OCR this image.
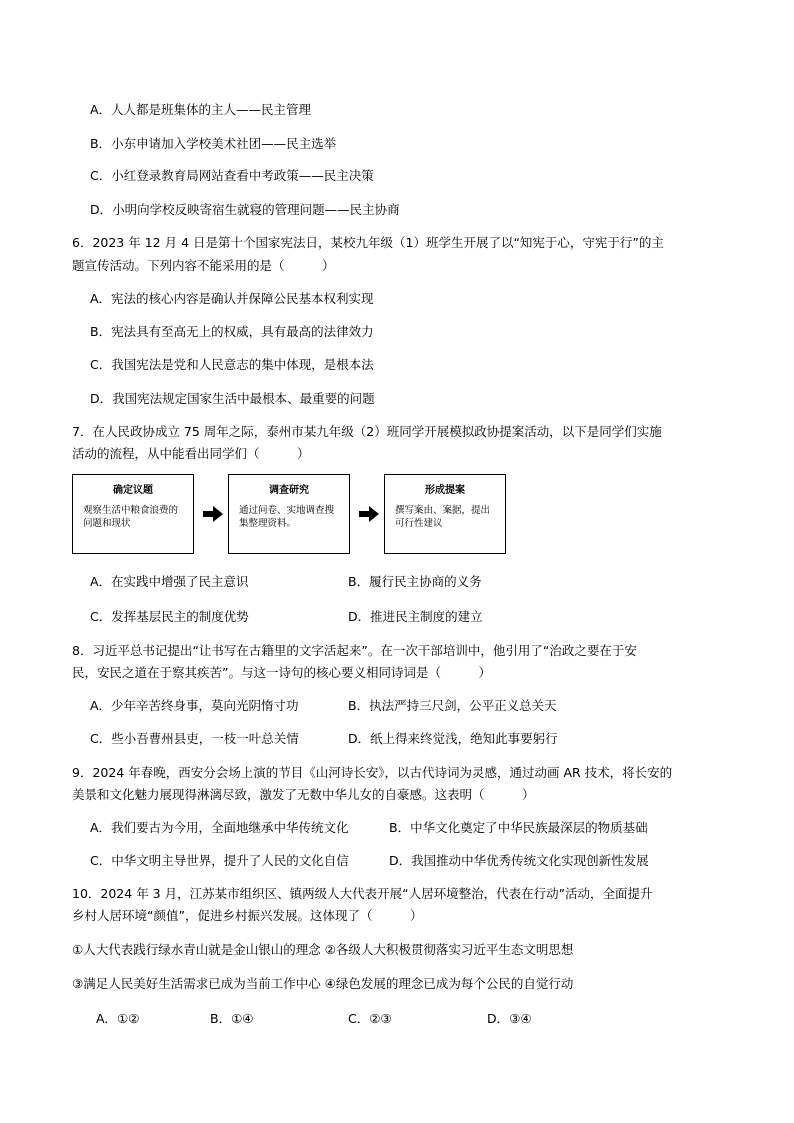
A．人人都是班集体的主人——民主管理
B．小东申请加入学校美术社团——民主选举
C．小红登录教育局网站查看中考政策——民主决策
D．小明向学校反映寄宿生就寝的管理问题——民主协商
6．2023 年 12 月 4 日是第十个国家宪法日，某校九年级（1）班学生开展了以“知宪于心，守宪于行”的主
题宣传活动。下列内容不能采用的是（　　　）
A．宪法的核心内容是确认并保障公民基本权利实现
B．宪法具有至高无上的权威，具有最高的法律效力
C．我国宪法是党和人民意志的集中体现，是根本法
D．我国宪法规定国家生活中最根本、最重要的问题
7．在人民政协成立 75 周年之际，泰州市某九年级（2）班同学开展模拟政协提案活动，以下是同学们实施
活动的流程，从中能看出同学们（　　　）
确定议题
观察生活中粮食浪费的问题和现状
调查研究
通过问卷、实地调查搜集整理资料。
形成提案
撰写案由、案据，提出可行性建议
A．在实践中增强了民主意识	B．履行民主协商的义务
C．发挥基层民主的制度优势	D．推进民主制度的建立
8．习近平总书记提出“让书写在古籍里的文字活起来”。在一次干部培训中，他引用了“治政之要在于安
民，安民之道在于察其疾苦”。与这一诗句的核心要义相同诗词是（　　　）
A．少年辛苦终身事，莫向光阴惰寸功	B．执法严持三尺剑，公平正义总关天
C．些小吾曹州县吏，一枝一叶总关情	D．纸上得来终觉浅，绝知此事要躬行
9．2024 年春晚，西安分会场上演的节目《山河诗长安》，以古代诗词为灵感，通过动画 AR 技术，将长安的
美景和文化魅力展现得淋漓尽致，激发了无数中华儿女的自豪感。这表明（　　　）
A．我们要古为今用，全面地继承中华传统文化	B．中华文化奠定了中华民族最深层的物质基础
C．中华文明主导世界，提升了人民的文化自信	D．我国推动中华优秀传统文化实现创新性发展
10．2024 年 3 月，江苏某市组织区、镇两级人大代表开展“人居环境整治，代表在行动”活动，全面提升
乡村人居环境“颜值”，促进乡村振兴发展。这体现了（　　　）
①人大代表践行绿水青山就是金山银山的理念 ②各级人大积极贯彻落实习近平生态文明思想
③满足人民美好生活需求已成为当前工作中心 ④绿色发展的理念已成为每个公民的自觉行动
A．①②	B．①④	C．②③	D．③④
